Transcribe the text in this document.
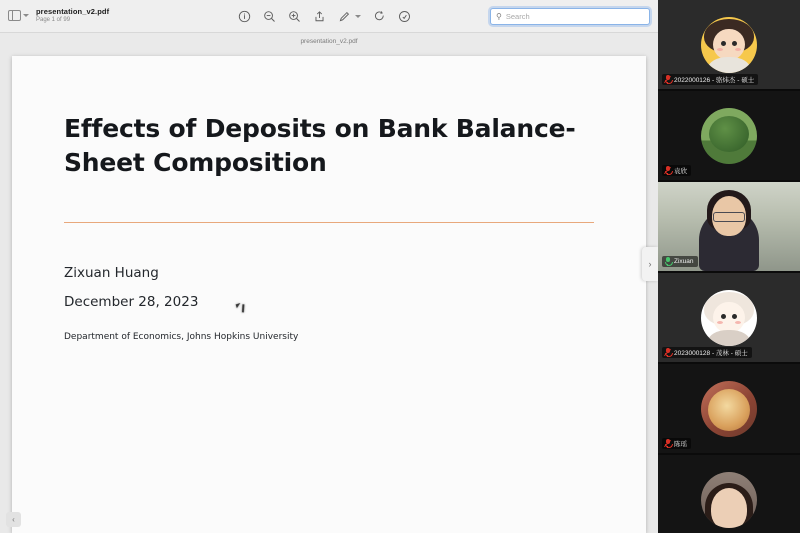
presentation_v2.pdf
Page 1 of 99	⚲ Search
presentation_v2.pdf
Effects of Deposits on Bank Balance-Sheet Composition
Zixuan Huang
December 28, 2023
Department of Economics, Johns Hopkins University
‹
›
2022000126 - 骆炜杰 - 硕士
袁欣
Zixuan
2023000128 - 茂林 - 硕士
陈瑶
